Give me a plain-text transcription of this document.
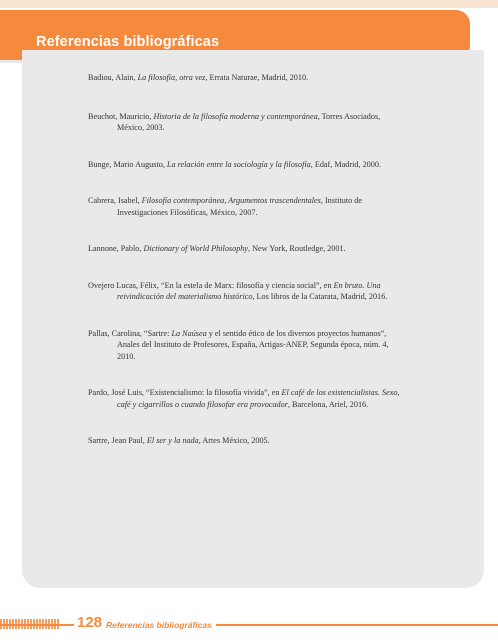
Referencias bibliográficas
Badiou, Alain, La filosofía, otra vez, Errata Naturae, Madrid, 2010.
Beuchot, Mauricio, Historia de la filosofía moderna y contemporánea, Torres Asociados, México, 2003.
Bunge, Mario Augusto, La relación entre la sociología y la filosofía, Edaf, Madrid, 2000.
Cabrera, Isabel, Filosofía contemporánea, Argumentos trascendentales, Instituto de Investigaciones Filosóficas, México, 2007.
Lannone, Pablo, Dictionary of World Philosophy, New York, Routledge, 2001.
Ovejero Lucas, Félix, “En la estela de Marx: filosofía y ciencia social”, en En bruto. Una reivindicación del materialismo histórico, Los libros de la Catarata, Madrid, 2016.
Pallas, Carolina, “Sartre: La Naúsea y el sentido ético de los diversos proyectos humanos”, Anales del Instituto de Profesores, España, Artigas-ANEP, Segunda época, núm. 4, 2010.
Pardo, José Luis, “Existencialismo: la filosofía vivida”, en El café de los existencialistas. Sexo, café y cigarrillos o cuando filosofar era provocador, Barcelona, Ariel, 2016.
Sartre, Jean Paul, El ser y la nada, Artes México, 2005.
128 Referencias bibliográficas
